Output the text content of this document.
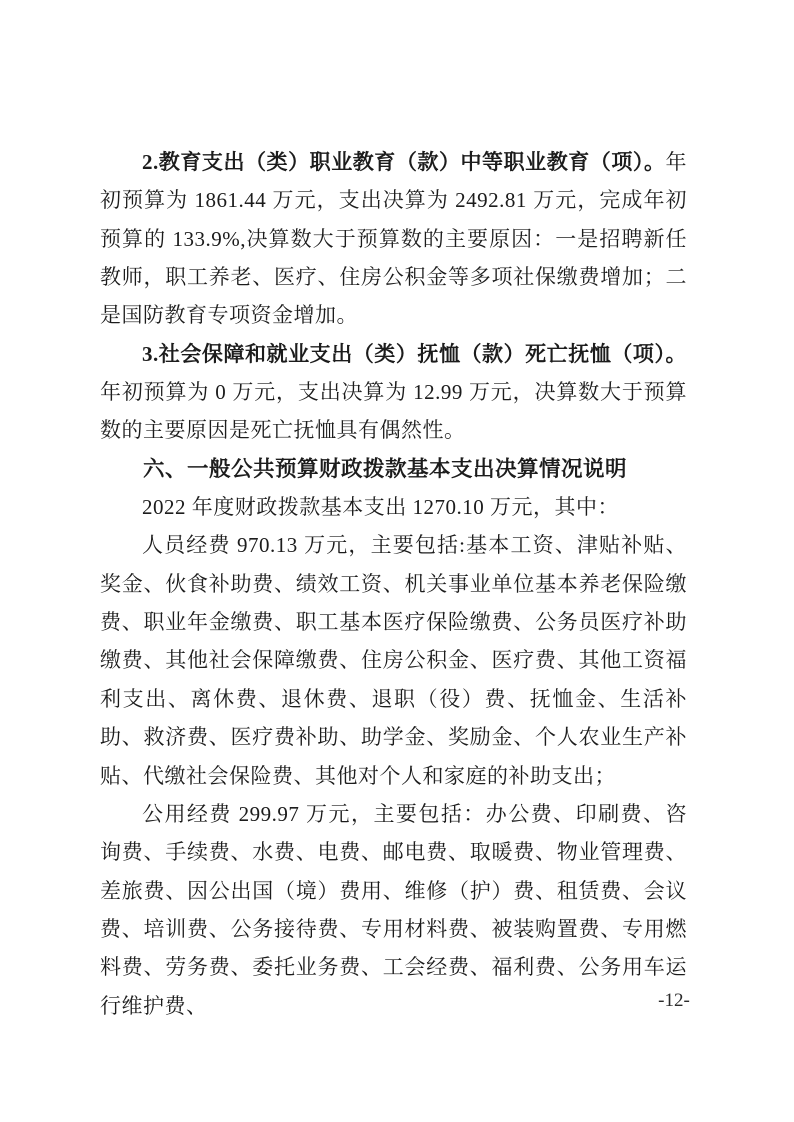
2.教育支出（类）职业教育（款）中等职业教育（项）。年初预算为 1861.44 万元，支出决算为 2492.81 万元，完成年初预算的 133.9%,决算数大于预算数的主要原因：一是招聘新任教师，职工养老、医疗、住房公积金等多项社保缴费增加；二是国防教育专项资金增加。

3.社会保障和就业支出（类）抚恤（款）死亡抚恤（项）。年初预算为 0 万元，支出决算为 12.99 万元，决算数大于预算数的主要原因是死亡抚恤具有偶然性。

六、一般公共预算财政拨款基本支出决算情况说明

2022 年度财政拨款基本支出 1270.10 万元，其中：

人员经费 970.13 万元，主要包括:基本工资、津贴补贴、奖金、伙食补助费、绩效工资、机关事业单位基本养老保险缴费、职业年金缴费、职工基本医疗保险缴费、公务员医疗补助缴费、其他社会保障缴费、住房公积金、医疗费、其他工资福利支出、离休费、退休费、退职（役）费、抚恤金、生活补助、救济费、医疗费补助、助学金、奖励金、个人农业生产补贴、代缴社会保险费、其他对个人和家庭的补助支出；

公用经费 299.97 万元，主要包括：办公费、印刷费、咨询费、手续费、水费、电费、邮电费、取暖费、物业管理费、差旅费、因公出国（境）费用、维修（护）费、租赁费、会议费、培训费、公务接待费、专用材料费、被装购置费、专用燃料费、劳务费、委托业务费、工会经费、福利费、公务用车运行维护费、	-12-
